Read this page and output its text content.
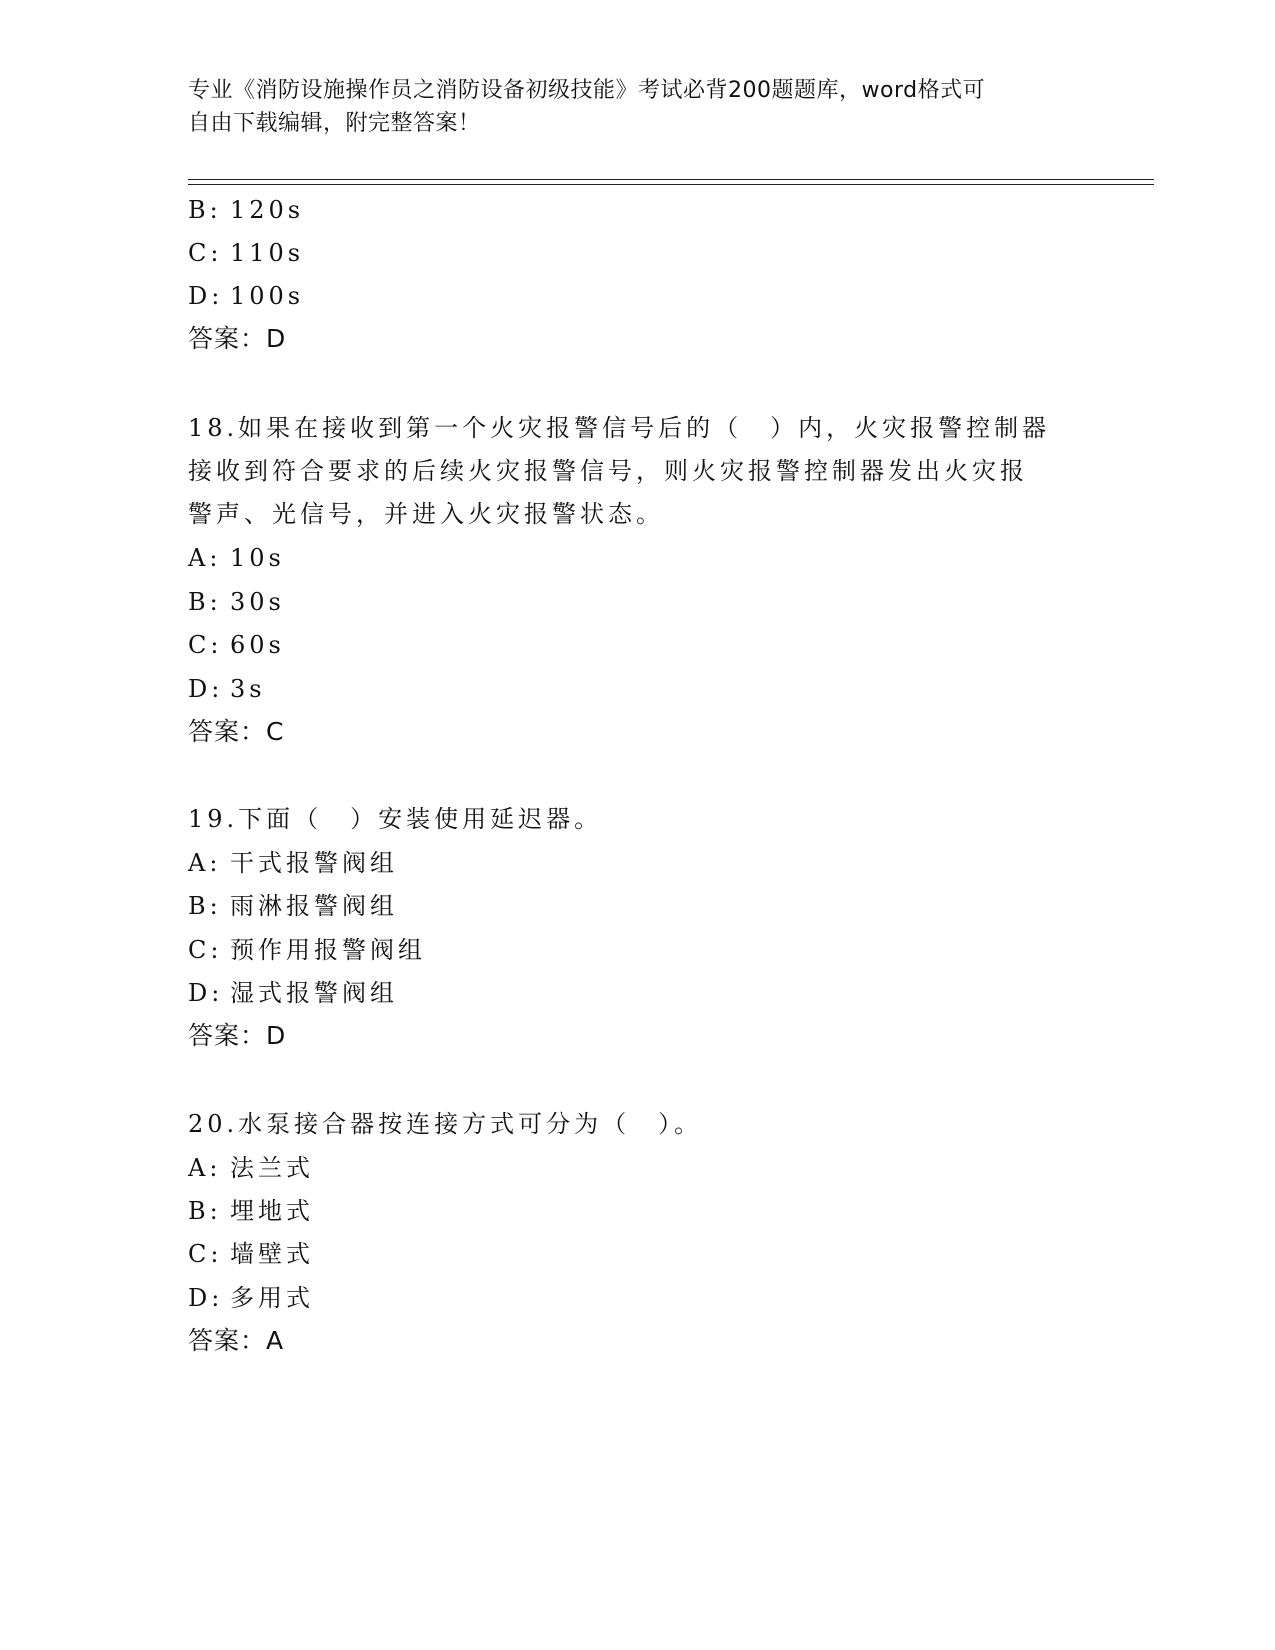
专业《消防设施操作员之消防设备初级技能》考试必背200题题库，word格式可
自由下载编辑，附完整答案！
B: 120s
C: 110s
D: 100s
答案：D
18.如果在接收到第一个火灾报警信号后的（　）内，火灾报警控制器
接收到符合要求的后续火灾报警信号，则火灾报警控制器发出火灾报
警声、光信号，并进入火灾报警状态。
A: 10s
B: 30s
C: 60s
D: 3s
答案：C
19.下面（　）安装使用延迟器。
A: 干式报警阀组
B: 雨淋报警阀组
C: 预作用报警阀组
D: 湿式报警阀组
答案：D
20.水泵接合器按连接方式可分为（　）。
A: 法兰式
B: 埋地式
C: 墙壁式
D: 多用式
答案：A
